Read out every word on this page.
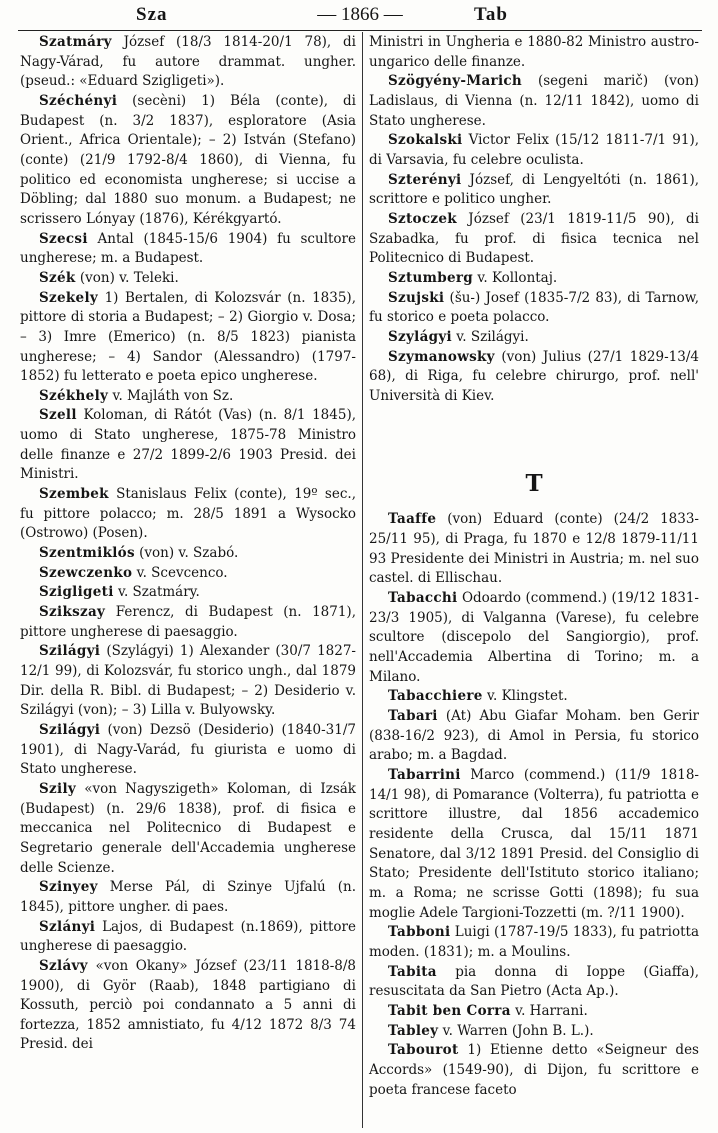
Sza	— 1866 —	Tab

Szatmáry József (18/3 1814-20/1 78), di Nagy-Várad, fu autore drammat. ungher. (pseud.: «Eduard Szigligeti»).

Széchényi (secèni) 1) Béla (conte), di Budapest (n. 3/2 1837), esploratore (Asia Orient., Africa Orientale); – 2) István (Stefano) (conte) (21/9 1792-8/4 1860), di Vienna, fu politico ed economista ungherese; si uccise a Döbling; dal 1880 suo monum. a Budapest; ne scrissero Lónyay (1876), Kérékgyartó.

Szecsi Antal (1845-15/6 1904) fu scultore ungherese; m. a Budapest.

Szék (von) v. Teleki.

Szekely 1) Bertalen, di Kolozsvár (n. 1835), pittore di storia a Budapest; – 2) Giorgio v. Dosa; – 3) Imre (Emerico) (n. 8/5 1823) pianista ungherese; – 4) Sandor (Alessandro) (1797-1852) fu letterato e poeta epico ungherese.

Székhely v. Majláth von Sz.

Szell Koloman, di Rátót (Vas) (n. 8/1 1845), uomo di Stato ungherese, 1875-78 Ministro delle finanze e 27/2 1899-2/6 1903 Presid. dei Ministri.

Szembek Stanislaus Felix (conte), 19º sec., fu pittore polacco; m. 28/5 1891 a Wysocko (Ostrowo) (Posen).

Szentmiklós (von) v. Szabó.

Szewczenko v. Scevcenco.

Szigligeti v. Szatmáry.

Szikszay Ferencz, di Budapest (n. 1871), pittore ungherese di paesaggio.

Szilágyi (Szylágyi) 1) Alexander (30/7 1827-12/1 99), di Kolozsvár, fu storico ungh., dal 1879 Dir. della R. Bibl. di Budapest; – 2) Desiderio v. Szilágyi (von); – 3) Lilla v. Bulyowsky.

Szilágyi (von) Dezsö (Desiderio) (1840-31/7 1901), di Nagy-Varád, fu giurista e uomo di Stato ungherese.

Szily «von Nagyszigeth» Koloman, di Izsák (Budapest) (n. 29/6 1838), prof. di fisica e meccanica nel Politecnico di Budapest e Segretario generale dell'Accademia ungherese delle Scienze.

Szinyey Merse Pál, di Szinye Ujfalú (n. 1845), pittore ungher. di paes.

Szlányi Lajos, di Budapest (n.1869), pittore ungherese di paesaggio.

Szlávy «von Okany» József (23/11 1818-8/8 1900), di Györ (Raab), 1848 partigiano di Kossuth, perciò poi condannato a 5 anni di fortezza, 1852 amnistiato, fu 4/12 1872 8/3 74 Presid. dei

Ministri in Ungheria e 1880-82 Ministro austro-ungarico delle finanze.

Szögyény-Marich (segeni marič) (von) Ladislaus, di Vienna (n. 12/11 1842), uomo di Stato ungherese.

Szokalski Victor Felix (15/12 1811-7/1 91), di Varsavia, fu celebre oculista.

Szterényi József, di Lengyeltóti (n. 1861), scrittore e politico ungher.

Sztoczek József (23/1 1819-11/5 90), di Szabadka, fu prof. di fisica tecnica nel Politecnico di Budapest.

Sztumberg v. Kollontaj.

Szujski (šu-) Josef (1835-7/2 83), di Tarnow, fu storico e poeta polacco.

Szylágyi v. Szilágyi.

Szymanowsky (von) Julius (27/1 1829-13/4 68), di Riga, fu celebre chirurgo, prof. nell' Università di Kiev.

T

Taaffe (von) Eduard (conte) (24/2 1833-25/11 95), di Praga, fu 1870 e 12/8 1879-11/11 93 Presidente dei Ministri in Austria; m. nel suo castel. di Ellischau.

Tabacchi Odoardo (commend.) (19/12 1831-23/3 1905), di Valganna (Varese), fu celebre scultore (discepolo del Sangiorgio), prof. nell'Accademia Albertina di Torino; m. a Milano.

Tabacchiere v. Klingstet.

Tabari (At) Abu Giafar Moham. ben Gerir (838-16/2 923), di Amol in Persia, fu storico arabo; m. a Bagdad.

Tabarrini Marco (commend.) (11/9 1818-14/1 98), di Pomarance (Volterra), fu patriotta e scrittore illustre, dal 1856 accademico residente della Crusca, dal 15/11 1871 Senatore, dal 3/12 1891 Presid. del Consiglio di Stato; Presidente dell'Istituto storico italiano; m. a Roma; ne scrisse Gotti (1898); fu sua moglie Adele Targioni-Tozzetti (m. ?/11 1900).

Tabboni Luigi (1787-19/5 1833), fu patriotta moden. (1831); m. a Moulins.

Tabita pia donna di Ioppe (Giaffa), resuscitata da San Pietro (Acta Ap.).

Tabit ben Corra v. Harrani.

Tabley v. Warren (John B. L.).

Tabourot 1) Etienne detto «Seigneur des Accords» (1549-90), di Dijon, fu scrittore e poeta francese faceto
